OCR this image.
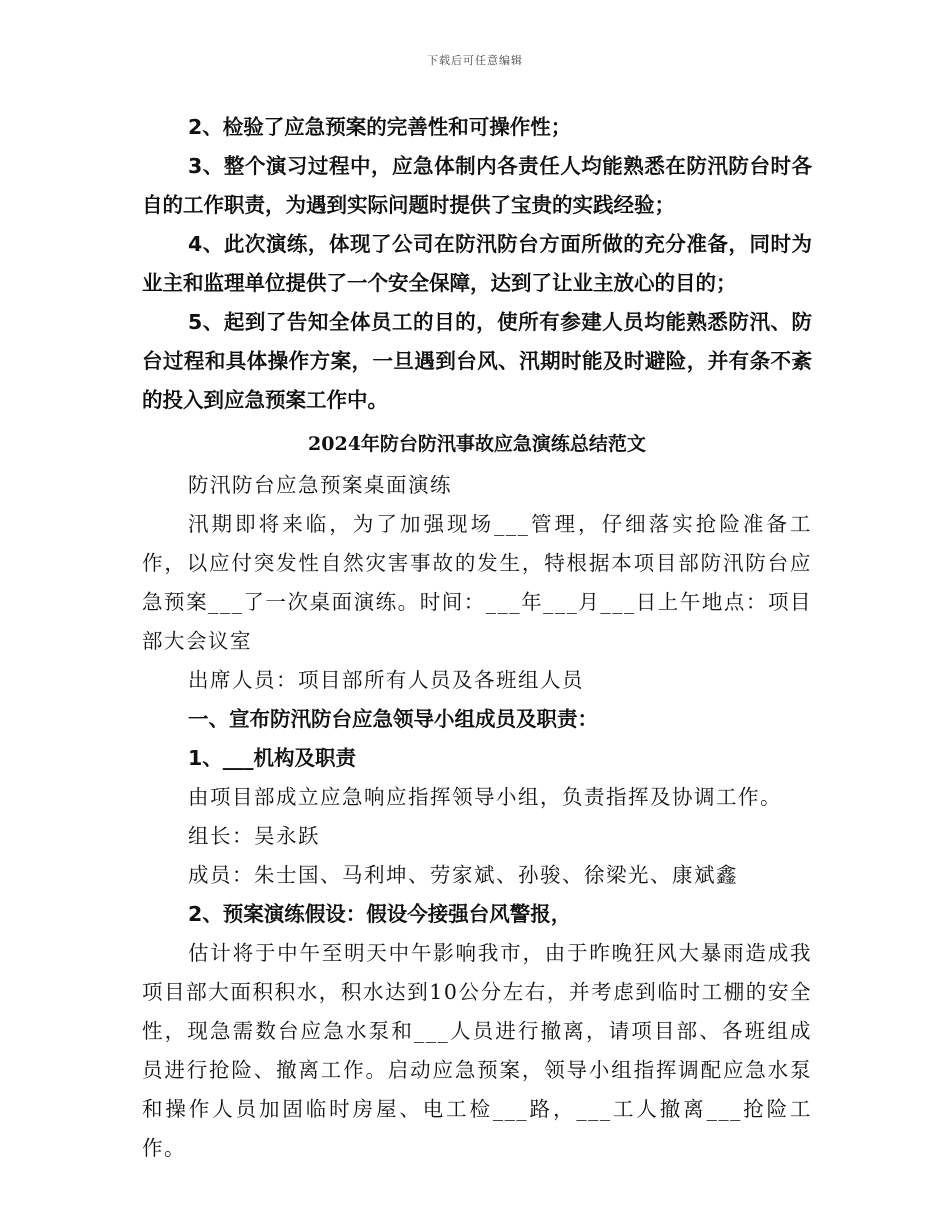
下载后可任意编辑

2、检验了应急预案的完善性和可操作性；

3、整个演习过程中，应急体制内各责任人均能熟悉在防汛防台时各自的工作职责，为遇到实际问题时提供了宝贵的实践经验；

4、此次演练，体现了公司在防汛防台方面所做的充分准备，同时为业主和监理单位提供了一个安全保障，达到了让业主放心的目的；

5、起到了告知全体员工的目的，使所有参建人员均能熟悉防汛、防台过程和具体操作方案，一旦遇到台风、汛期时能及时避险，并有条不紊的投入到应急预案工作中。

2024年防台防汛事故应急演练总结范文

防汛防台应急预案桌面演练

汛期即将来临，为了加强现场___管理，仔细落实抢险准备工作，以应付突发性自然灾害事故的发生，特根据本项目部防汛防台应急预案___了一次桌面演练。时间：___年___月___日上午地点：项目部大会议室

出席人员：项目部所有人员及各班组人员

一、宣布防汛防台应急领导小组成员及职责：

1、___机构及职责

由项目部成立应急响应指挥领导小组，负责指挥及协调工作。

组长：吴永跃

成员：朱士国、马利坤、劳家斌、孙骏、徐梁光、康斌鑫

2、预案演练假设：假设今接强台风警报，

估计将于中午至明天中午影响我市，由于昨晚狂风大暴雨造成我项目部大面积积水，积水达到10公分左右，并考虑到临时工棚的安全性，现急需数台应急水泵和___人员进行撤离，请项目部、各班组成员进行抢险、撤离工作。启动应急预案，领导小组指挥调配应急水泵和操作人员加固临时房屋、电工检___路，___工人撤离___抢险工作。
